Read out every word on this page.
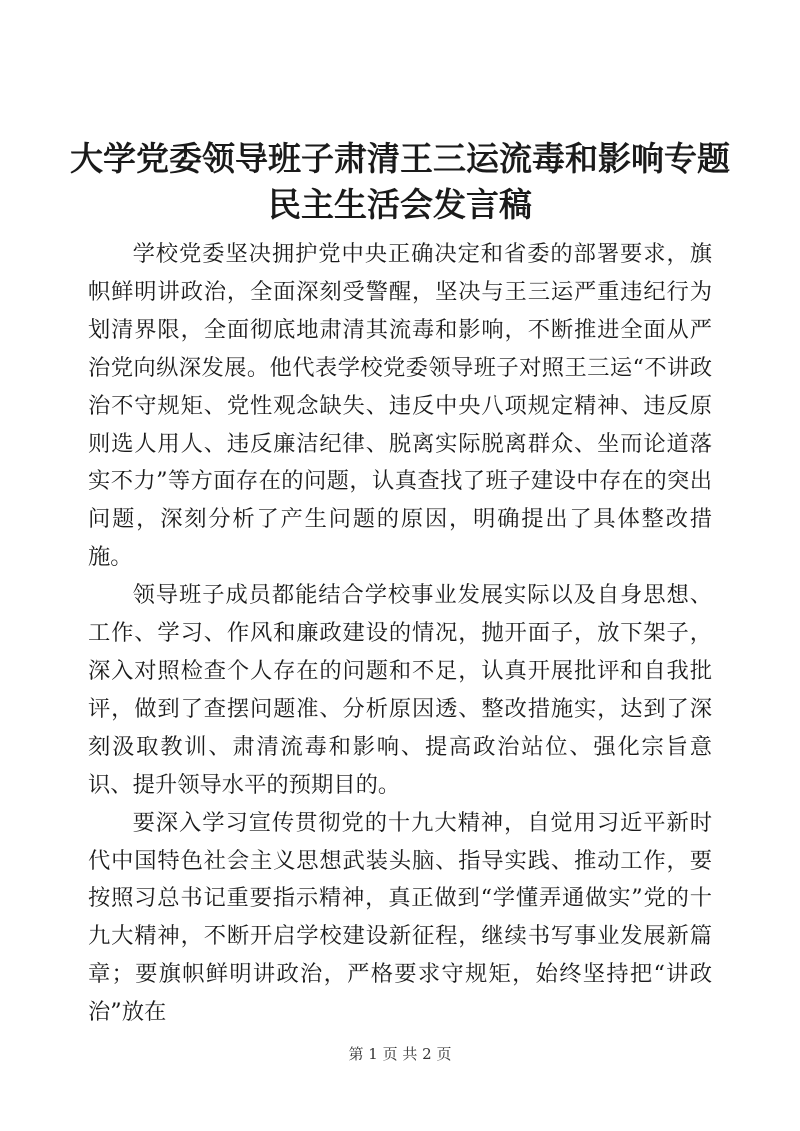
大学党委领导班子肃清王三运流毒和影响专题
民主生活会发言稿

学校党委坚决拥护党中央正确决定和省委的部署要求，旗帜鲜明讲政治，全面深刻受警醒，坚决与王三运严重违纪行为划清界限，全面彻底地肃清其流毒和影响，不断推进全面从严治党向纵深发展。他代表学校党委领导班子对照王三运“不讲政治不守规矩、党性观念缺失、违反中央八项规定精神、违反原则选人用人、违反廉洁纪律、脱离实际脱离群众、坐而论道落实不力”等方面存在的问题，认真查找了班子建设中存在的突出问题，深刻分析了产生问题的原因，明确提出了具体整改措施。

领导班子成员都能结合学校事业发展实际以及自身思想、工作、学习、作风和廉政建设的情况，抛开面子，放下架子，深入对照检查个人存在的问题和不足，认真开展批评和自我批评，做到了查摆问题准、分析原因透、整改措施实，达到了深刻汲取教训、肃清流毒和影响、提高政治站位、强化宗旨意识、提升领导水平的预期目的。

要深入学习宣传贯彻党的十九大精神，自觉用习近平新时代中国特色社会主义思想武装头脑、指导实践、推动工作，要按照习总书记重要指示精神，真正做到“学懂弄通做实”党的十九大精神，不断开启学校建设新征程，继续书写事业发展新篇章；要旗帜鲜明讲政治，严格要求守规矩，始终坚持把“讲政治”放在

第 1 页 共 2 页
